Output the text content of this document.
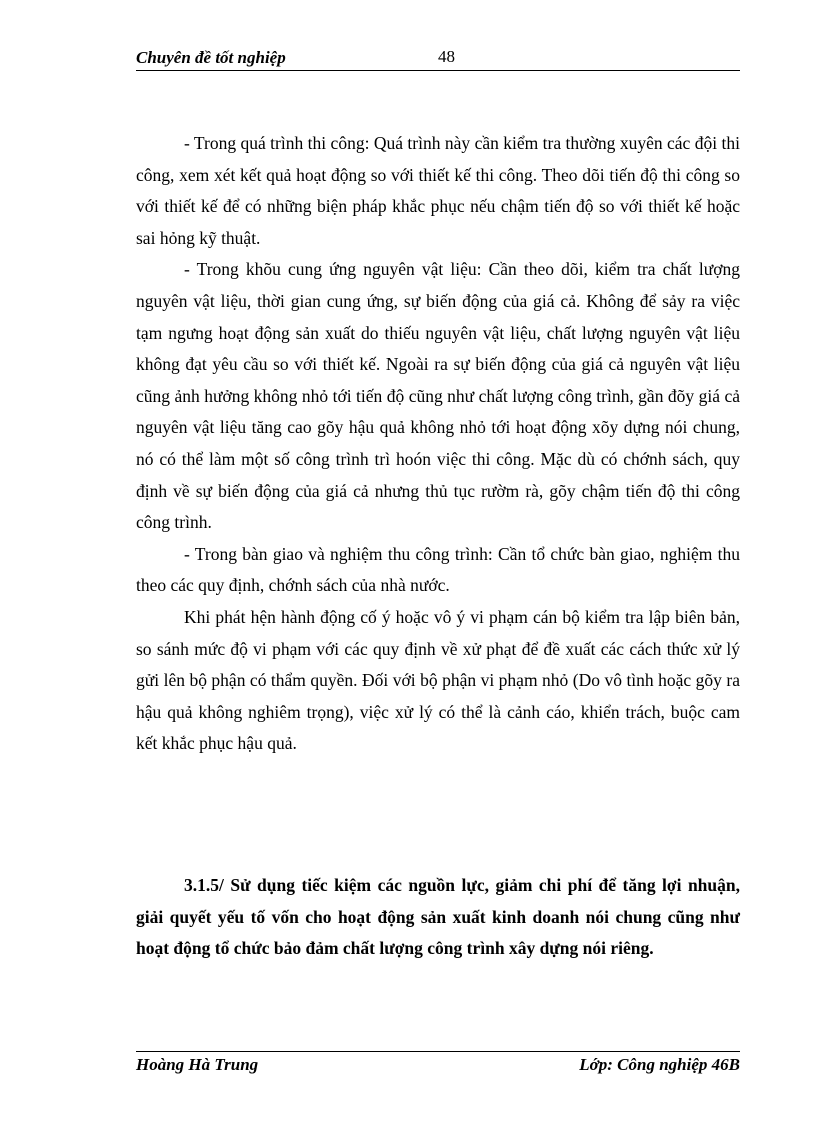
Chuyên đề tốt nghiệp	48

- Trong quá trình thi công: Quá trình này cần kiểm tra thường xuyên các đội thi công, xem xét kết quả hoạt động so với thiết kế thi công. Theo dõi tiến độ thi công so với thiết kế để có những biện pháp khắc phục nếu chậm tiến độ so với thiết kế hoặc sai hỏng kỹ thuật.

- Trong khõu cung ứng nguyên vật liệu: Cần theo dõi, kiểm tra chất lượng nguyên vật liệu, thời gian cung ứng, sự biến động của giá cả. Không để sảy ra việc tạm ngưng hoạt động sản xuất do thiếu nguyên vật liệu, chất lượng nguyên vật liệu không đạt yêu cầu so với thiết kế. Ngoài ra sự biến động của giá cả nguyên vật liệu cũng ảnh hưởng không nhỏ tới tiến độ cũng như chất lượng công trình, gần đõy giá cả nguyên vật liệu tăng cao gõy hậu quả không nhỏ tới hoạt động xõy dựng nói chung, nó có thể làm một số công trình trì hoón việc thi công. Mặc dù có chớnh sách, quy định về sự biến động của giá cả nhưng thủ tục rườm rà, gõy chậm tiến độ thi công công trình.

- Trong bàn giao và nghiệm thu công trình: Cần tổ chức bàn giao, nghiệm thu theo các quy định, chớnh sách của nhà nước.

Khi phát hện hành động cố ý hoặc vô ý vi phạm cán bộ kiểm tra lập biên bản, so sánh mức độ vi phạm với các quy định về xử phạt để đề xuất các cách thức xử lý gửi lên bộ phận có thẩm quyền. Đối với bộ phận vi phạm nhỏ (Do vô tình hoặc gõy ra hậu quả không nghiêm trọng), việc xử lý có thể là cảnh cáo, khiển trách, buộc cam kết khắc phục hậu quả.

3.1.5/ Sử dụng tiếc kiệm các nguồn lực, giảm chi phí để tăng lợi nhuận, giải quyết yếu tố vốn cho hoạt động sản xuất kinh doanh nói chung cũng như hoạt động tổ chức bảo đảm chất lượng công trình xây dựng nói riêng.

Hoàng Hà Trung	Lớp: Công nghiệp 46B
